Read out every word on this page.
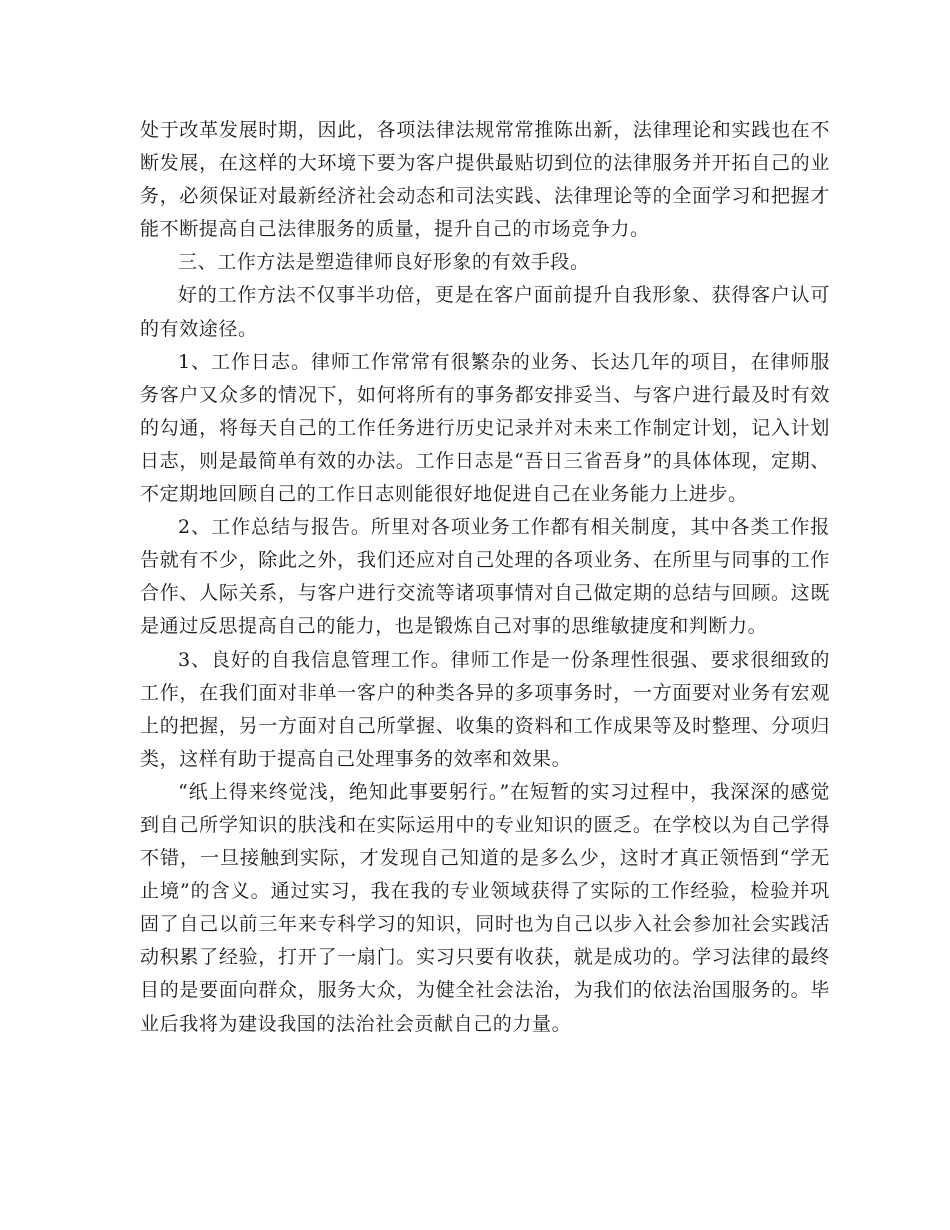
处于改革发展时期，因此，各项法律法规常常推陈出新，法律理论和实践也在不断发展，在这样的大环境下要为客户提供最贴切到位的法律服务并开拓自己的业务，必须保证对最新经济社会动态和司法实践、法律理论等的全面学习和把握才能不断提高自己法律服务的质量，提升自己的市场竞争力。

三、工作方法是塑造律师良好形象的有效手段。

好的工作方法不仅事半功倍，更是在客户面前提升自我形象、获得客户认可的有效途径。

1、工作日志。律师工作常常有很繁杂的业务、长达几年的项目，在律师服务客户又众多的情况下，如何将所有的事务都安排妥当、与客户进行最及时有效的勾通，将每天自己的工作任务进行历史记录并对未来工作制定计划，记入计划日志，则是最简单有效的办法。工作日志是“吾日三省吾身”的具体体现，定期、不定期地回顾自己的工作日志则能很好地促进自己在业务能力上进步。

2、工作总结与报告。所里对各项业务工作都有相关制度，其中各类工作报告就有不少，除此之外，我们还应对自己处理的各项业务、在所里与同事的工作合作、人际关系，与客户进行交流等诸项事情对自己做定期的总结与回顾。这既是通过反思提高自己的能力，也是锻炼自己对事的思维敏捷度和判断力。

3、良好的自我信息管理工作。律师工作是一份条理性很强、要求很细致的工作，在我们面对非单一客户的种类各异的多项事务时，一方面要对业务有宏观上的把握，另一方面对自己所掌握、收集的资料和工作成果等及时整理、分项归类，这样有助于提高自己处理事务的效率和效果。

“纸上得来终觉浅，绝知此事要躬行。”在短暂的实习过程中，我深深的感觉到自己所学知识的肤浅和在实际运用中的专业知识的匮乏。在学校以为自己学得不错，一旦接触到实际，才发现自己知道的是多么少，这时才真正领悟到“学无止境”的含义。通过实习，我在我的专业领域获得了实际的工作经验，检验并巩固了自己以前三年来专科学习的知识，同时也为自己以步入社会参加社会实践活动积累了经验，打开了一扇门。实习只要有收获，就是成功的。学习法律的最终目的是要面向群众，服务大众，为健全社会法治，为我们的依法治国服务的。毕业后我将为建设我国的法治社会贡献自己的力量。
